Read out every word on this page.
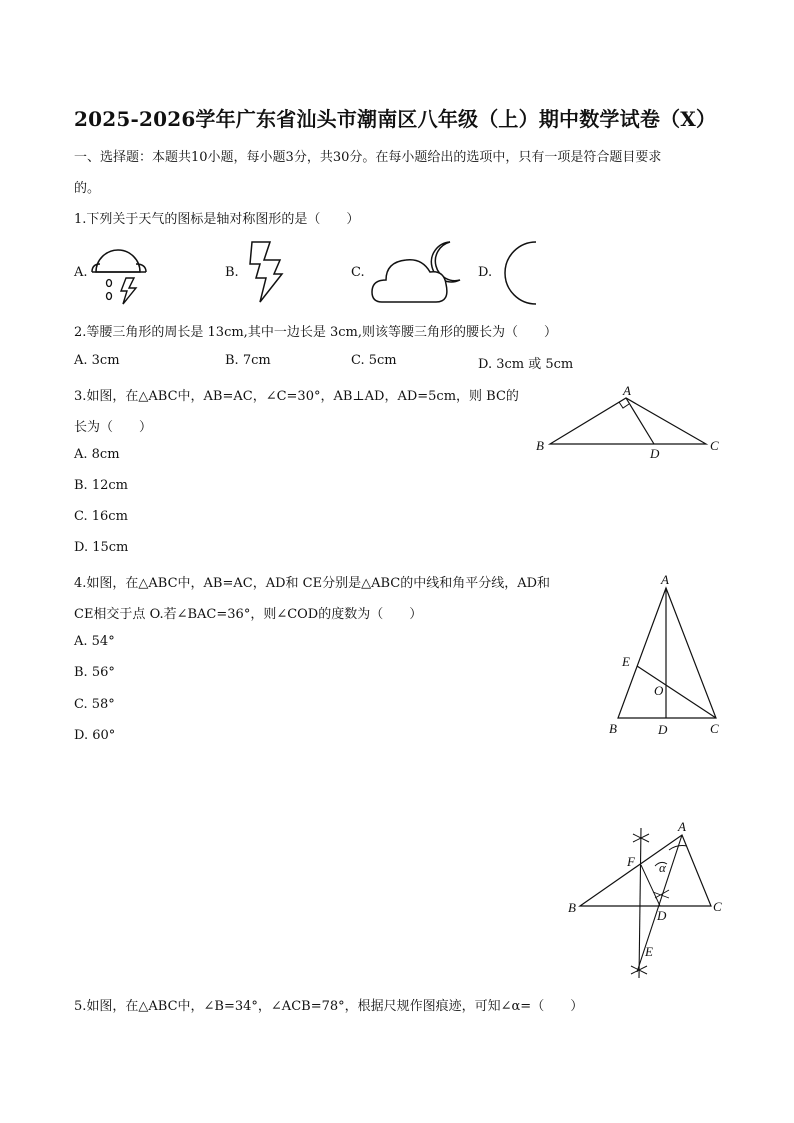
2025-2026学年广东省汕头市潮南区八年级（上）期中数学试卷（X）
一、选择题：本题共10小题，每小题3分，共30分。在每小题给出的选项中，只有一项是符合题目要求
的。
1.下列关于天气的图标是轴对称图形的是（　　）
A.	B.	C.	D.
2.等腰三角形的周长是 13cm,其中一边长是 3cm,则该等腰三角形的腰长为（　　）
A. 3cm	B. 7cm	C. 5cm	D. 3cm 或 5cm
3.如图，在△ABC中，AB=AC，∠C=30°，AB⊥AD，AD=5cm，则 BC的
长为（　　）
A. 8cm
B. 12cm
C. 16cm
D. 15cm
A
B	C
D
4.如图，在△ABC中，AB=AC，AD和 CE分别是△ABC的中线和角平分线，AD和
CE相交于点 O.若∠BAC=36°，则∠COD的度数为（　　）
A. 54°
B. 56°
C. 58°
D. 60°
A
E
O
B	D	C
A
F α
B
D
C
E
5.如图，在△ABC中，∠B=34°，∠ACB=78°，根据尺规作图痕迹，可知∠α=（　　）
